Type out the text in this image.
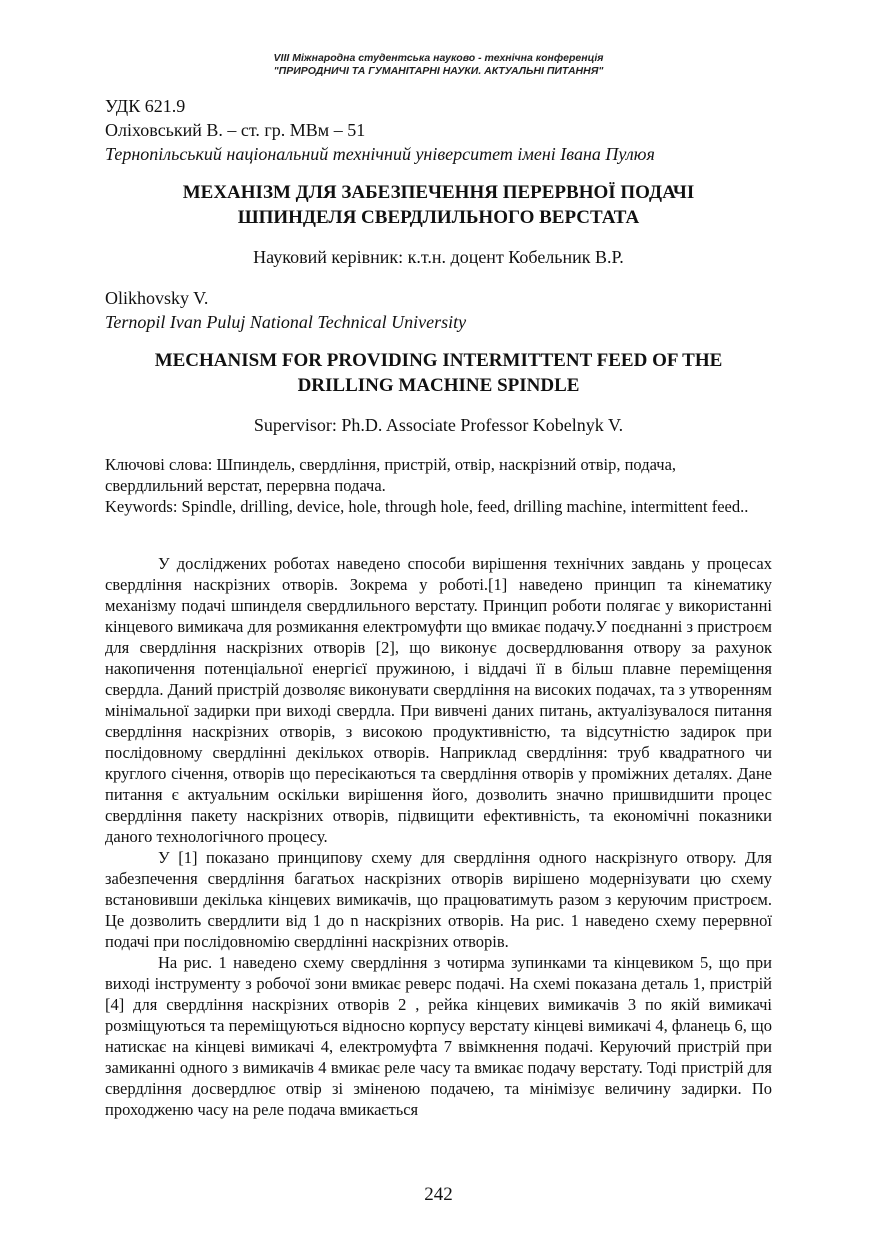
VIII Міжнародна студентська науково - технічна конференція
"ПРИРОДНИЧІ ТА ГУМАНІТАРНІ НАУКИ. АКТУАЛЬНІ ПИТАННЯ"
УДК 621.9
Оліховський В. – ст. гр. МВм – 51
Тернопільський національний технічний університет імені Івана Пулюя
МЕХАНІЗМ ДЛЯ ЗАБЕЗПЕЧЕННЯ ПЕРЕРВНОЇ ПОДАЧІ
ШПИНДЕЛЯ СВЕРДЛИЛЬНОГО ВЕРСТАТА
Науковий керівник: к.т.н. доцент Кобельник В.Р.
Olikhovsky V.
Ternopil Ivan Puluj National Technical University
MECHANISM FOR PROVIDING INTERMITTENT FEED OF THE
DRILLING MACHINE SPINDLE
Supervisor: Ph.D. Associate Professor Kobelnyk V.
Ключові слова: Шпиндель, свердління, пристрій, отвір, наскрізний отвір, подача, свердлильний верстат, перервна подача.
Keywords: Spindle, drilling, device, hole, through hole, feed, drilling machine, intermittent feed..

У досліджених роботах наведено способи вирішення технічних завдань у процесах свердління наскрізних отворів. Зокрема у роботі.[1] наведено принцип та кінематику механізму подачі шпинделя свердлильного верстату. Принцип роботи полягає у використанні кінцевого вимикача для розмикання електромуфти що вмикає подачу.У поєднанні з пристроєм для свердління наскрізних отворів [2], що виконує досвердлювання отвору за рахунок накопичення потенціальної енергієї пружиною, і віддачі її в більш плавне переміщення свердла. Даний пристрій дозволяє виконувати свердління на високих подачах, та з утворенням мінімальної задирки при виході свердла. При вивчені даних питань, актуалізувалося питання свердління наскрізних отворів, з високою продуктивністю, та відсутністю задирок при послідовному свердлінні декількох отворів. Наприклад свердління: труб квадратного чи круглого січення, отворів що пересікаються та свердління отворів у проміжних деталях. Дане питання є актуальним оскільки вирішення його, дозволить значно пришвидшити процес свердління пакету наскрізних отворів, підвищити ефективність, та економічні показники даного технологічного процесу.

У [1] показано принципову схему для свердління одного наскрізнуго отвору. Для забезпечення свердління багатьох наскрізних отворів вирішено модернізувати цю схему встановивши декілька кінцевих вимикачів, що працюватимуть разом з керуючим пристроєм. Це дозволить свердлити від 1 до n наскрізних отворів. На рис. 1 наведено схему перервної подачі при послідовномію свердлінні наскрізних отворів.

На рис. 1 наведено схему свердління з чотирма зупинками та кінцевиком 5, що при виході інструменту з робочої зони вмикає реверс подачі. На схемі показана деталь 1, пристрій [4] для свердління наскрізних отворів 2 , рейка кінцевих вимикачів 3 по якій вимикачі розміщуються та переміщуються відносно корпусу верстату кінцеві вимикачі 4, фланець 6, що натискає на кінцеві вимикачі 4, електромуфта 7 ввімкнення подачі. Керуючий пристрій при замиканні одного з вимикачів 4 вмикає реле часу та вмикає подачу верстату. Тоді пристрій для свердління досвердлює отвір зі зміненою подачею, та мінімізує величину задирки. По проходженю часу на реле подача вмикається

242
